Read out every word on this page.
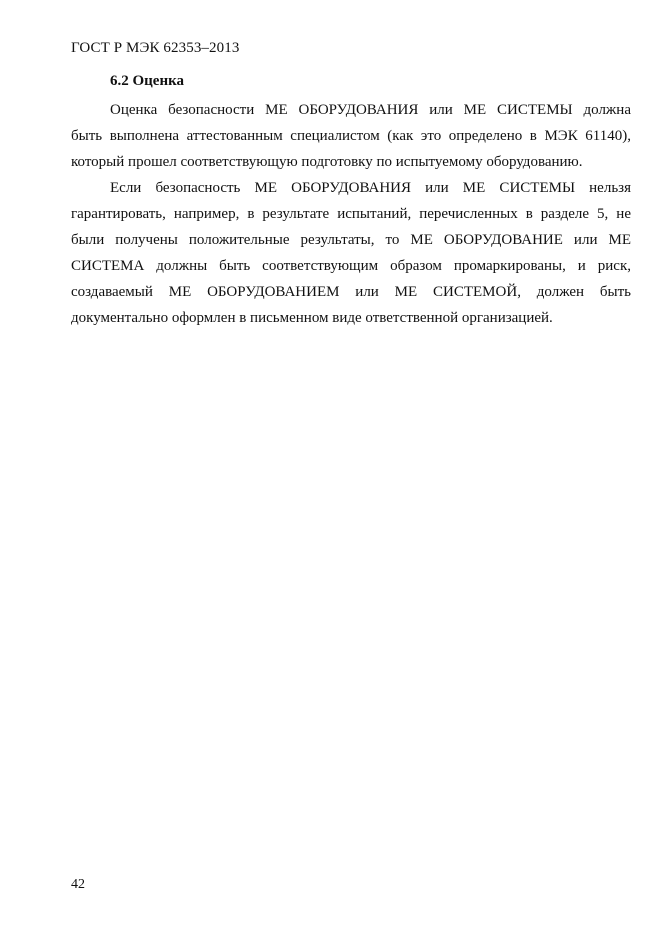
ГОСТ Р МЭК 62353–2013

6.2 Оценка

Оценка безопасности МЕ ОБОРУДОВАНИЯ или МЕ СИСТЕМЫ должна
быть выполнена аттестованным специалистом (как это определено в МЭК 61140),
который прошел соответствующую подготовку по испытуемому оборудованию.

Если безопасность МЕ ОБОРУДОВАНИЯ или МЕ СИСТЕМЫ нельзя
гарантировать, например, в результате испытаний, перечисленных в разделе 5, не
были получены положительные результаты, то МЕ ОБОРУДОВАНИЕ или МЕ
СИСТЕМА должны быть соответствующим образом промаркированы, и риск,
создаваемый МЕ ОБОРУДОВАНИЕМ или МЕ СИСТЕМОЙ, должен быть
документально оформлен в письменном виде ответственной организацией.

42
